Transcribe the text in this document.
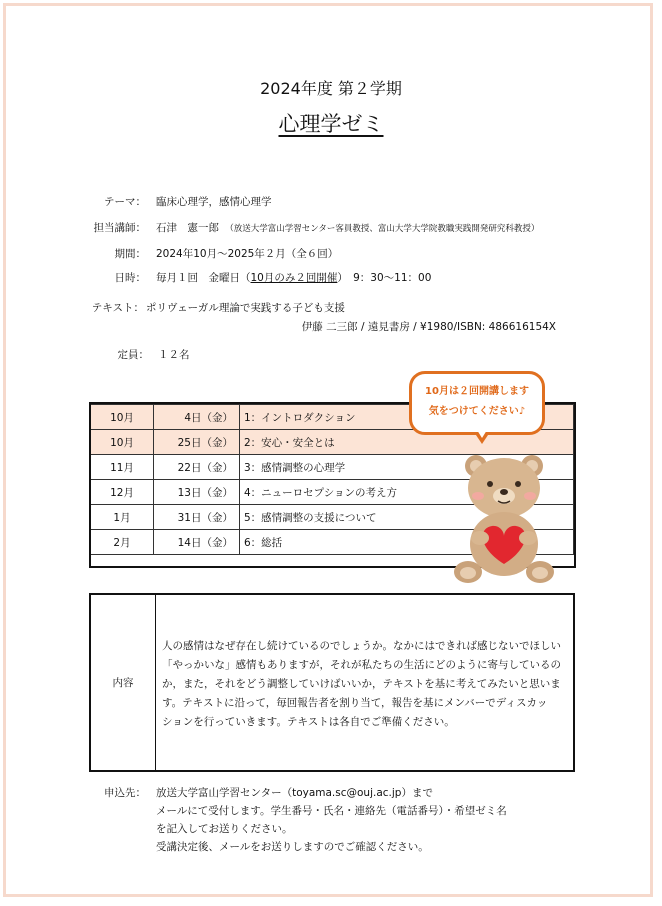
2024年度 第２学期
心理学ゼミ
テーマ： 臨床心理学，感情心理学
担当講師： 石津　憲一郎　 （放送大学富山学習センター客員教授、富山大学大学院教職実践開発研究科教授）
期間： 2024年10月～2025年２月（全６回）
日時： 毎月１回　金曜日（10月のみ２回開催）　9：30～11：00
テキスト： ポリヴェーガル理論で実践する子ども支援
伊藤 二三郎 / 遠見書房 / ¥1980/ISBN: 486616154X
定員： １２名
10月	4日（金）	1：イントロダクション
10月	25日（金）	2：安心・安全とは
11月	22日（金）	3：感情調整の心理学
12月	13日（金）	4：ニューロセプションの考え方
1月	31日（金）	5：感情調整の支援について
2月	14日（金）	6：総括
10月は２回開講します
気をつけてください♪
内容
人の感情はなぜ存在し続けているのでしょうか。なかにはできれば感じないでほしい
「やっかいな」感情もありますが，それが私たちの生活にどのように寄与しているの
か，また，それをどう調整していけばいいか，テキストを基に考えてみたいと思いま
す。テキストに沿って，毎回報告者を割り当て，報告を基にメンバーでディスカッ
ションを行っていきます。テキストは各自でご準備ください。
申込先： 放送大学富山学習センター（toyama.sc@ouj.ac.jp）まで
メールにて受付します。学生番号・氏名・連絡先（電話番号）・希望ゼミ名
を記入してお送りください。
受講決定後、メールをお送りしますのでご確認ください。
